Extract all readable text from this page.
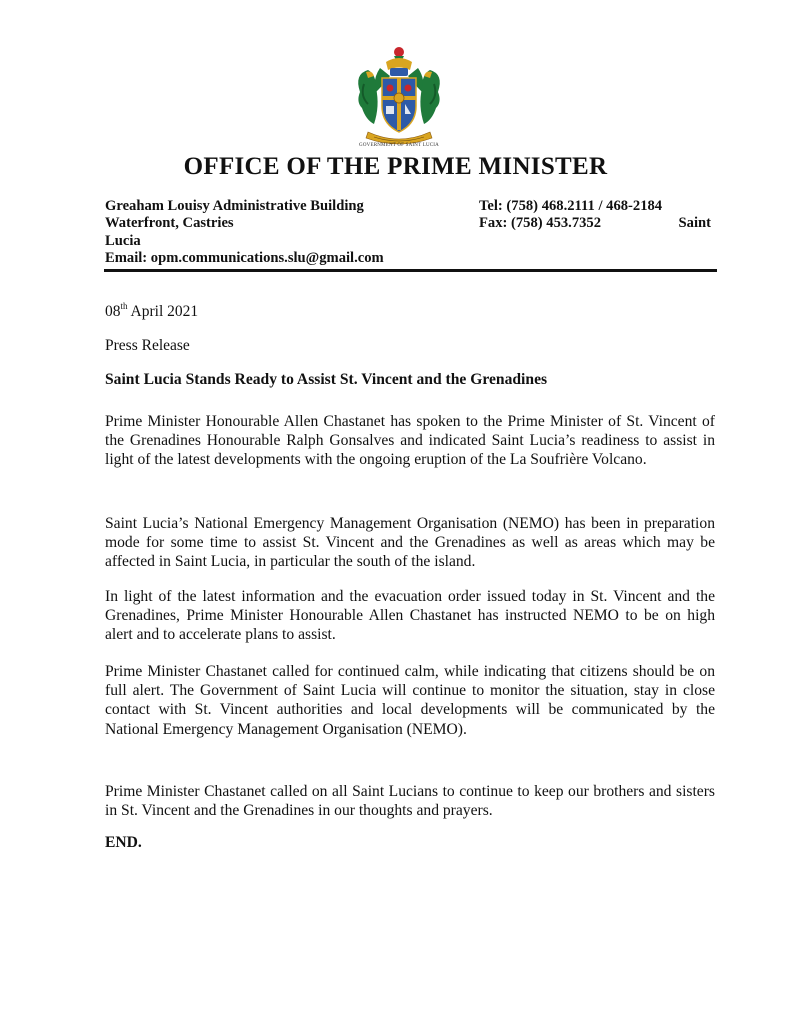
GOVERNMENT OF SAINT LUCIA
OFFICE OF THE PRIME MINISTER
Greaham Louisy Administrative Building
Waterfront, Castries
Lucia
Email: opm.communications.slu@gmail.com
Tel: (758) 468.2111 / 468-2184
Fax: (758) 453.7352	Saint
08th April 2021
Press Release
Saint Lucia Stands Ready to Assist St. Vincent and the Grenadines
Prime Minister Honourable Allen Chastanet has spoken to the Prime Minister of St. Vincent of the Grenadines Honourable Ralph Gonsalves and indicated Saint Lucia’s readiness to assist in light of the latest developments with the ongoing eruption of the La Soufrière Volcano.
Saint Lucia’s National Emergency Management Organisation (NEMO) has been in preparation mode for some time to assist St. Vincent and the Grenadines as well as areas which may be affected in Saint Lucia, in particular the south of the island.
In light of the latest information and the evacuation order issued today in St. Vincent and the Grenadines, Prime Minister Honourable Allen Chastanet has instructed NEMO to be on high alert and to accelerate plans to assist.
Prime Minister Chastanet called for continued calm, while indicating that citizens should be on full alert. The Government of Saint Lucia will continue to monitor the situation, stay in close contact with St. Vincent authorities and local developments will be communicated by the National Emergency Management Organisation (NEMO).
Prime Minister Chastanet called on all Saint Lucians to continue to keep our brothers and sisters in St. Vincent and the Grenadines in our thoughts and prayers.
END.
